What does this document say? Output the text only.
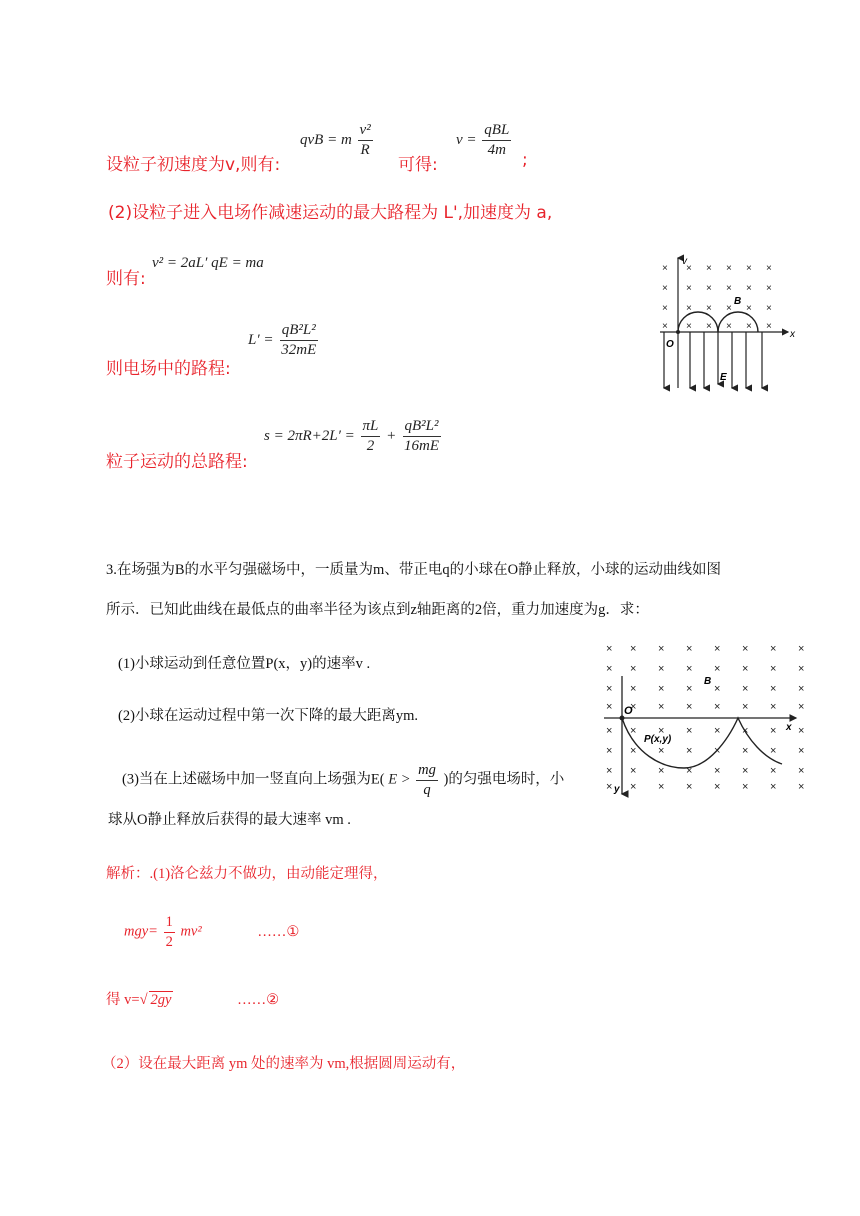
设粒子初速度为v,则有:
qvB = m $\frac{\text{v²}}{R}$
可得:
$v = \frac{\text{qBL}}{4m}$
;
(2)设粒子进入电场作减速运动的最大路程为 L',加速度为 a,
则有:
v² = 2aL′ qE = ma
则电场中的路程:
$L' = \frac{\text{qB²L²}}{32mE}$
粒子运动的总路程:
$s = 2\pi R+2L' = \frac{\pi L}{2} + \frac{\text{qB²L²}}{16mE}$
× × × × × ×
× × × × × ×
× × × × × ×
× × × × × ×
v
B
x
O
E
3.在场强为B的水平匀强磁场中，一质量为m、带正电q的小球在O静止释放，小球的运动曲线如图
所示．已知此曲线在最低点的曲率半径为该点到z轴距离的2倍，重力加速度为g．求：
(1)小球运动到任意位置P(x，y)的速率v .
(2)小球在运动过程中第一次下降的最大距离ym.
(3)当在上述磁场中加一竖直向上场强为E( $E > \frac{mg}{q}$ )的匀强电场时，小
球从O静止释放后获得的最大速率 vm .
× × × × × × × ×
× × × × × × × ×
× × × × × × × ×
× × × × × × × ×
× × × × × × × ×
× × × × × × × ×
× × × × × × × ×
× × × × × × × ×
O
B
x
y
P(x,y)
解析：.(1)洛仑兹力不做功，由动能定理得，
$mgy= \frac{1}{2} mv^2$	……①
得 v=√ 2gy	……②
（2）设在最大距离 ym 处的速率为 vm,根据圆周运动有，
